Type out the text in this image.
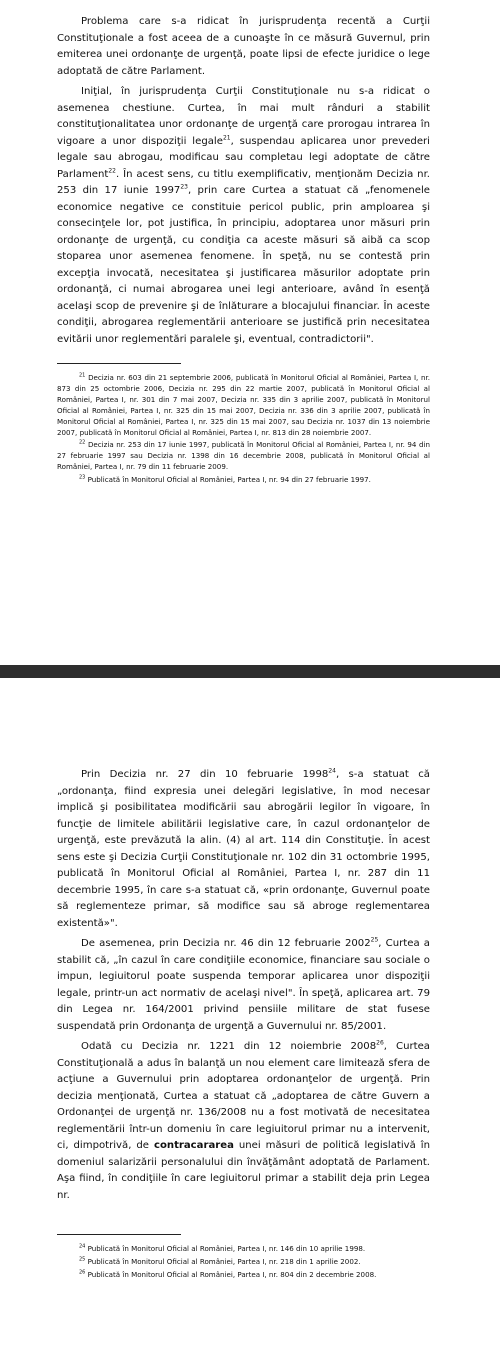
Problema care s-a ridicat în jurisprudenţa recentă a Curţii Constituţionale a fost aceea de a cunoaşte în ce măsură Guvernul, prin emiterea unei ordonanţe de urgenţă, poate lipsi de efecte juridice o lege adoptată de către Parlament.

Iniţial, în jurisprudenţa Curţii Constituţionale nu s-a ridicat o asemenea chestiune. Curtea, în mai mult rânduri a stabilit constituţionalitatea unor ordonanţe de urgenţă care prorogau intrarea în vigoare a unor dispoziţii legale$^{21}$, suspendau aplicarea unor prevederi legale sau abrogau, modificau sau completau legi adoptate de către Parlament$^{22}$. În acest sens, cu titlu exemplificativ, menţionăm Decizia nr. 253 din 17 iunie 1997$^{23}$, prin care Curtea a statuat că „fenomenele economice negative ce constituie pericol public, prin amploarea şi consecinţele lor, pot justifica, în principiu, adoptarea unor măsuri prin ordonanţe de urgenţă, cu condiţia ca aceste măsuri să aibă ca scop stoparea unor asemenea fenomene. În speţă, nu se contestă prin excepţia invocată, necesitatea şi justificarea măsurilor adoptate prin ordonanţă, ci numai abrogarea unei legi anterioare, având în esenţă acelaşi scop de prevenire şi de înlăturare a blocajului financiar. În aceste condiţii, abrogarea reglementării anterioare se justifică prin necesitatea evitării unor reglementări paralele şi, eventual, contradictorii".

$^{21}$ Decizia nr. 603 din 21 septembrie 2006, publicată în Monitorul Oficial al României, Partea I, nr. 873 din 25 octombrie 2006, Decizia nr. 295 din 22 martie 2007, publicată în Monitorul Oficial al României, Partea I, nr. 301 din 7 mai 2007, Decizia nr. 335 din 3 aprilie 2007, publicată în Monitorul Oficial al României, Partea I, nr. 325 din 15 mai 2007, Decizia nr. 336 din 3 aprilie 2007, publicată în Monitorul Oficial al României, Partea I, nr. 325 din 15 mai 2007, sau Decizia nr. 1037 din 13 noiembrie 2007, publicată în Monitorul Oficial al României, Partea I, nr. 813 din 28 noiembrie 2007.

$^{22}$ Decizia nr. 253 din 17 iunie 1997, publicată în Monitorul Oficial al României, Partea I, nr. 94 din 27 februarie 1997 sau Decizia nr. 1398 din 16 decembrie 2008, publicată în Monitorul Oficial al României, Partea I, nr. 79 din 11 februarie 2009.

$^{23}$ Publicată în Monitorul Oficial al României, Partea I, nr. 94 din 27 februarie 1997.

Prin Decizia nr. 27 din 10 februarie 1998$^{24}$, s-a statuat că „ordonanţa, fiind expresia unei delegări legislative, în mod necesar implică şi posibilitatea modificării sau abrogării legilor în vigoare, în funcţie de limitele abilitării legislative care, în cazul ordonanţelor de urgenţă, este prevăzută la alin. (4) al art. 114 din Constituţie. În acest sens este şi Decizia Curţii Constituţionale nr. 102 din 31 octombrie 1995, publicată în Monitorul Oficial al României, Partea I, nr. 287 din 11 decembrie 1995, în care s-a statuat că, «prin ordonanţe, Guvernul poate să reglementeze primar, să modifice sau să abroge reglementarea existentă»".

De asemenea, prin Decizia nr. 46 din 12 februarie 2002$^{25}$, Curtea a stabilit că, „în cazul în care condiţiile economice, financiare sau sociale o impun, legiuitorul poate suspenda temporar aplicarea unor dispoziţii legale, printr-un act normativ de acelaşi nivel". În speţă, aplicarea art. 79 din Legea nr. 164/2001 privind pensiile militare de stat fusese suspendată prin Ordonanţa de urgenţă a Guvernului nr. 85/2001.

Odată cu Decizia nr. 1221 din 12 noiembrie 2008$^{26}$, Curtea Constituţională a adus în balanţă un nou element care limitează sfera de acţiune a Guvernului prin adoptarea ordonanţelor de urgenţă. Prin decizia menţionată, Curtea a statuat că „adoptarea de către Guvern a Ordonanţei de urgenţă nr. 136/2008 nu a fost motivată de necesitatea reglementării într-un domeniu în care legiuitorul primar nu a intervenit, ci, dimpotrivă, de contracararea unei măsuri de politică legislativă în domeniul salarizării personalului din învăţământ adoptată de Parlament. Aşa fiind, în condiţiile în care legiuitorul primar a stabilit deja prin Legea nr.

$^{24}$ Publicată în Monitorul Oficial al României, Partea I, nr. 146 din 10 aprilie 1998.

$^{25}$ Publicată în Monitorul Oficial al României, Partea I, nr. 218 din 1 aprilie 2002.

$^{26}$ Publicată în Monitorul Oficial al României, Partea I, nr. 804 din 2 decembrie 2008.
